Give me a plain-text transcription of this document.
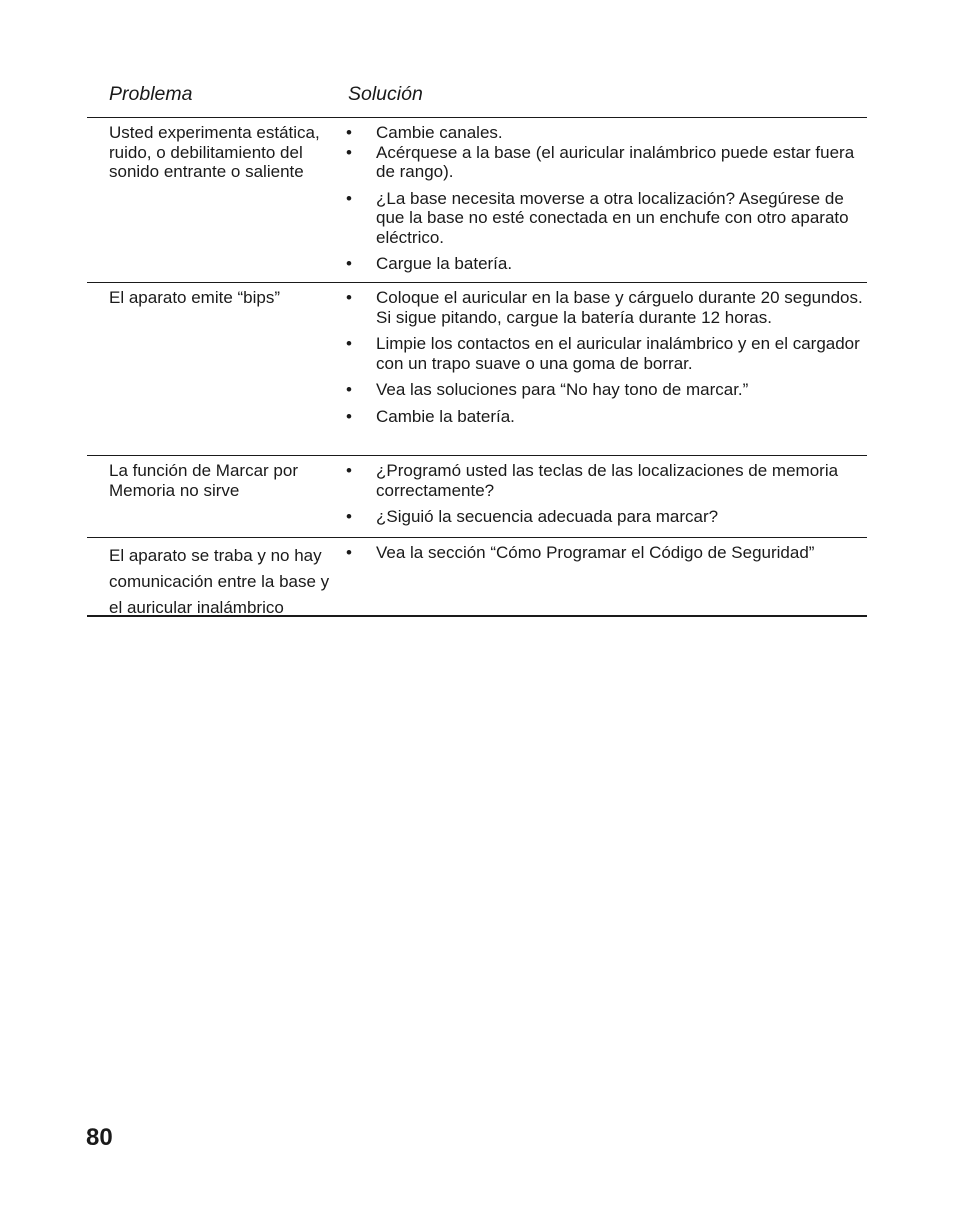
Problema	Solución
Usted experimenta estática, ruido, o debilitamiento del sonido entrante o saliente
• Cambie canales.
• Acérquese a la base (el auricular inalámbrico puede estar fuera de rango).
• ¿La base necesita moverse a otra localización? Asegúrese de que la base no esté conectada en un enchufe con otro aparato eléctrico.
• Cargue la batería.
El aparato emite “bips”	• Coloque el auricular en la base y cárguelo durante 20 segundos. Si sigue pitando, cargue la batería durante 12 horas.
• Limpie los contactos en el auricular inalámbrico y en el cargador con un trapo suave o una goma de borrar.
• Vea las soluciones para “No hay tono de marcar.”
• Cambie la batería.
La función de Marcar por Memoria no sirve
• ¿Programó usted las teclas de las localizaciones de memoria correctamente?
• ¿Siguió la secuencia adecuada para marcar?
El aparato se traba y no hay comunicación entre la base y el auricular inalámbrico
• Vea la sección “Cómo Programar el Código de Seguridad”
80
